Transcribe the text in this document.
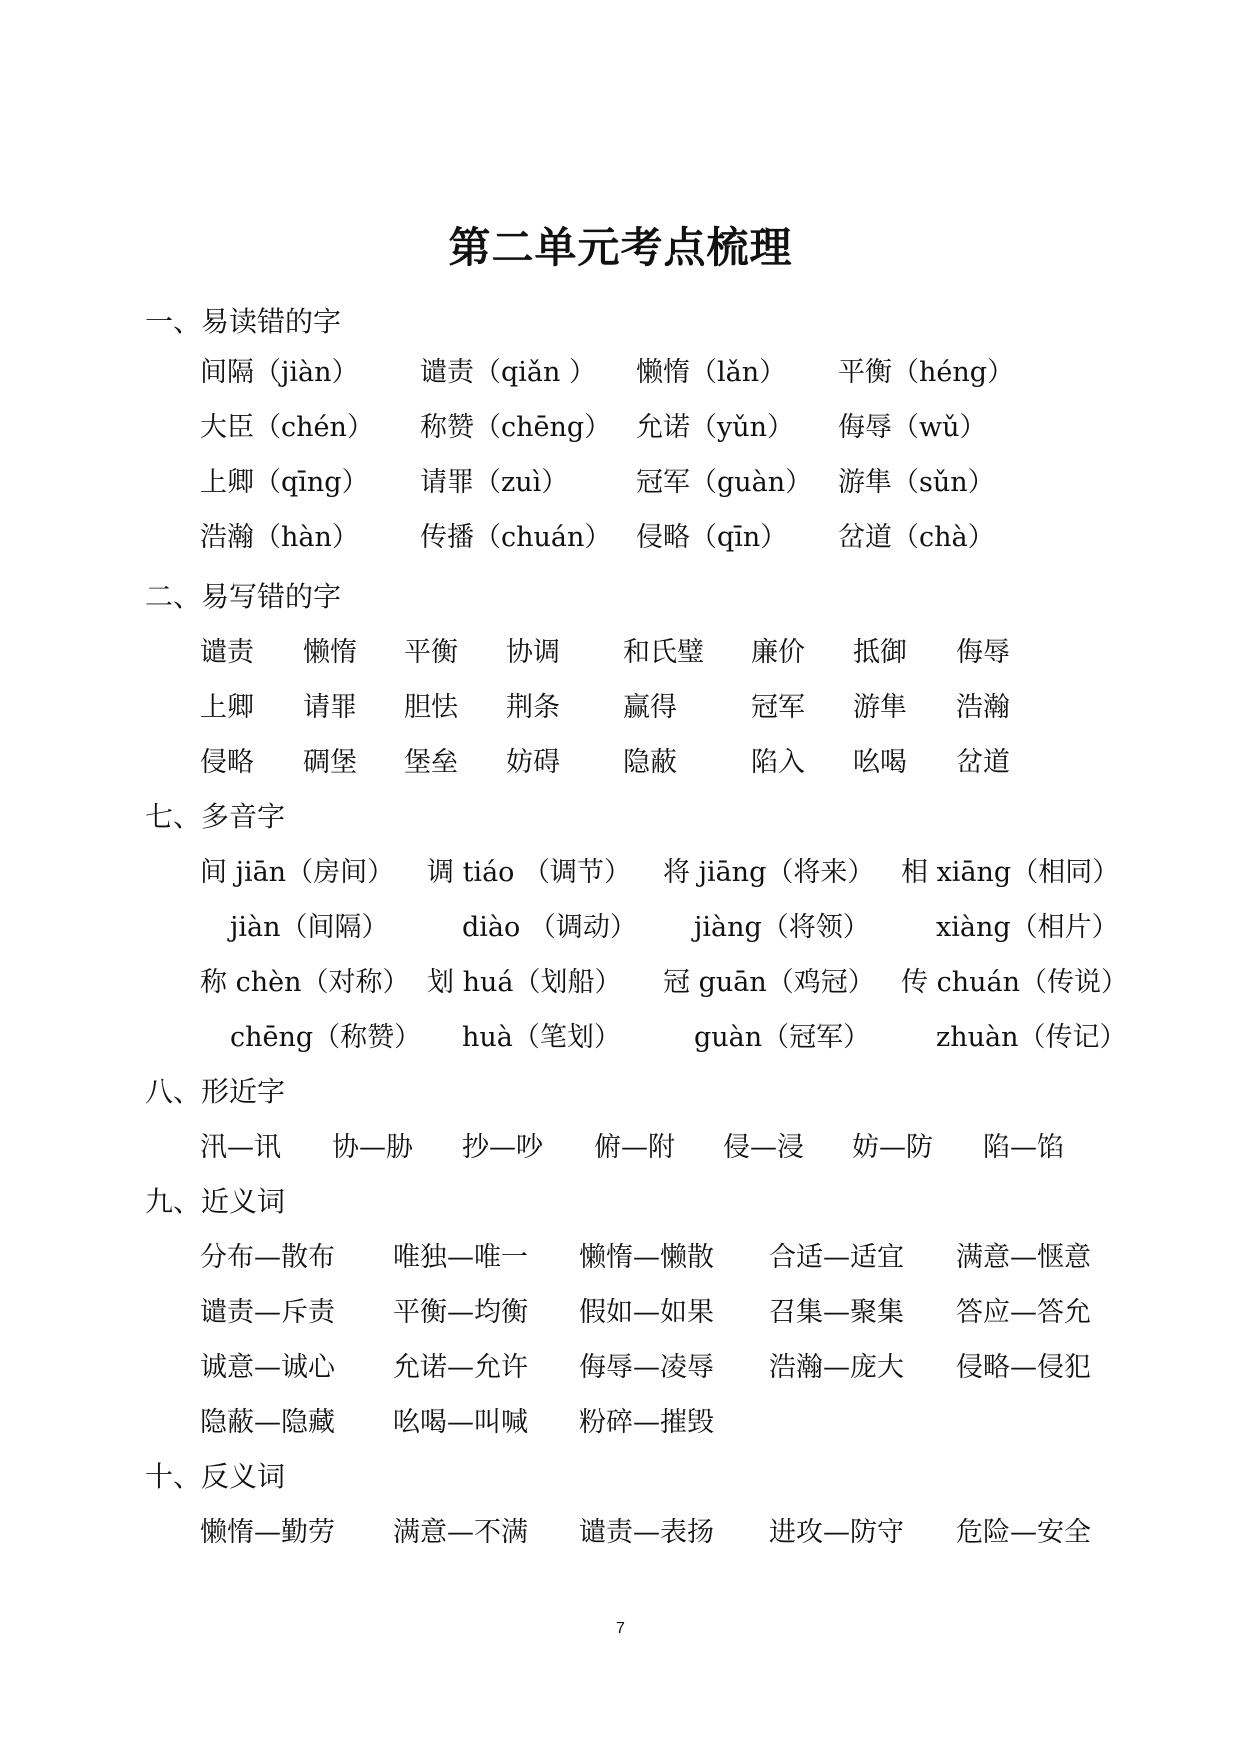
第二单元考点梳理
一、易读错的字
间隔（jiàn） 谴责（qiǎn ） 懒惰（lǎn） 平衡（héng）
大臣（chén） 称赞（chēng） 允诺（yǔn） 侮辱（wǔ）
上卿（qīng） 请罪（zuì）	冠军（guàn） 游隼（sǔn）
浩瀚（hàn） 传播（chuán） 侵略（qīn） 岔道（chà）
二、易写错的字
谴责 懒惰 平衡 协调 和氏璧 廉价 抵御 侮辱
上卿 请罪 胆怯 荆条 赢得	冠军 游隼 浩瀚
侵略 碉堡 堡垒 妨碍 隐蔽	陷入 吆喝 岔道
七、多音字
间 jiān（房间） 调 tiáo （调节） 将 jiāng（将来） 相 xiāng（相同）
jiàn（间隔）	diào （调动） jiàng（将领） xiàng（相片）
称 chèn（对称） 划 huá（划船） 冠 guān（鸡冠） 传 chuán（传说）
chēng（称赞） huà（笔划）	guàn（冠军） zhuàn（传记）
八、形近字
汛—讯 协—胁 抄—吵 俯—附 侵—浸 妨—防 陷—馅
九、近义词
分布—散布 唯独—唯一 懒惰—懒散 合适—适宜 满意—惬意
谴责—斥责 平衡—均衡 假如—如果 召集—聚集 答应—答允
诚意—诚心 允诺—允许 侮辱—凌辱 浩瀚—庞大 侵略—侵犯
隐蔽—隐藏 吆喝—叫喊 粉碎—摧毁
十、反义词
懒惰—勤劳 满意—不满 谴责—表扬 进攻—防守 危险—安全
7
